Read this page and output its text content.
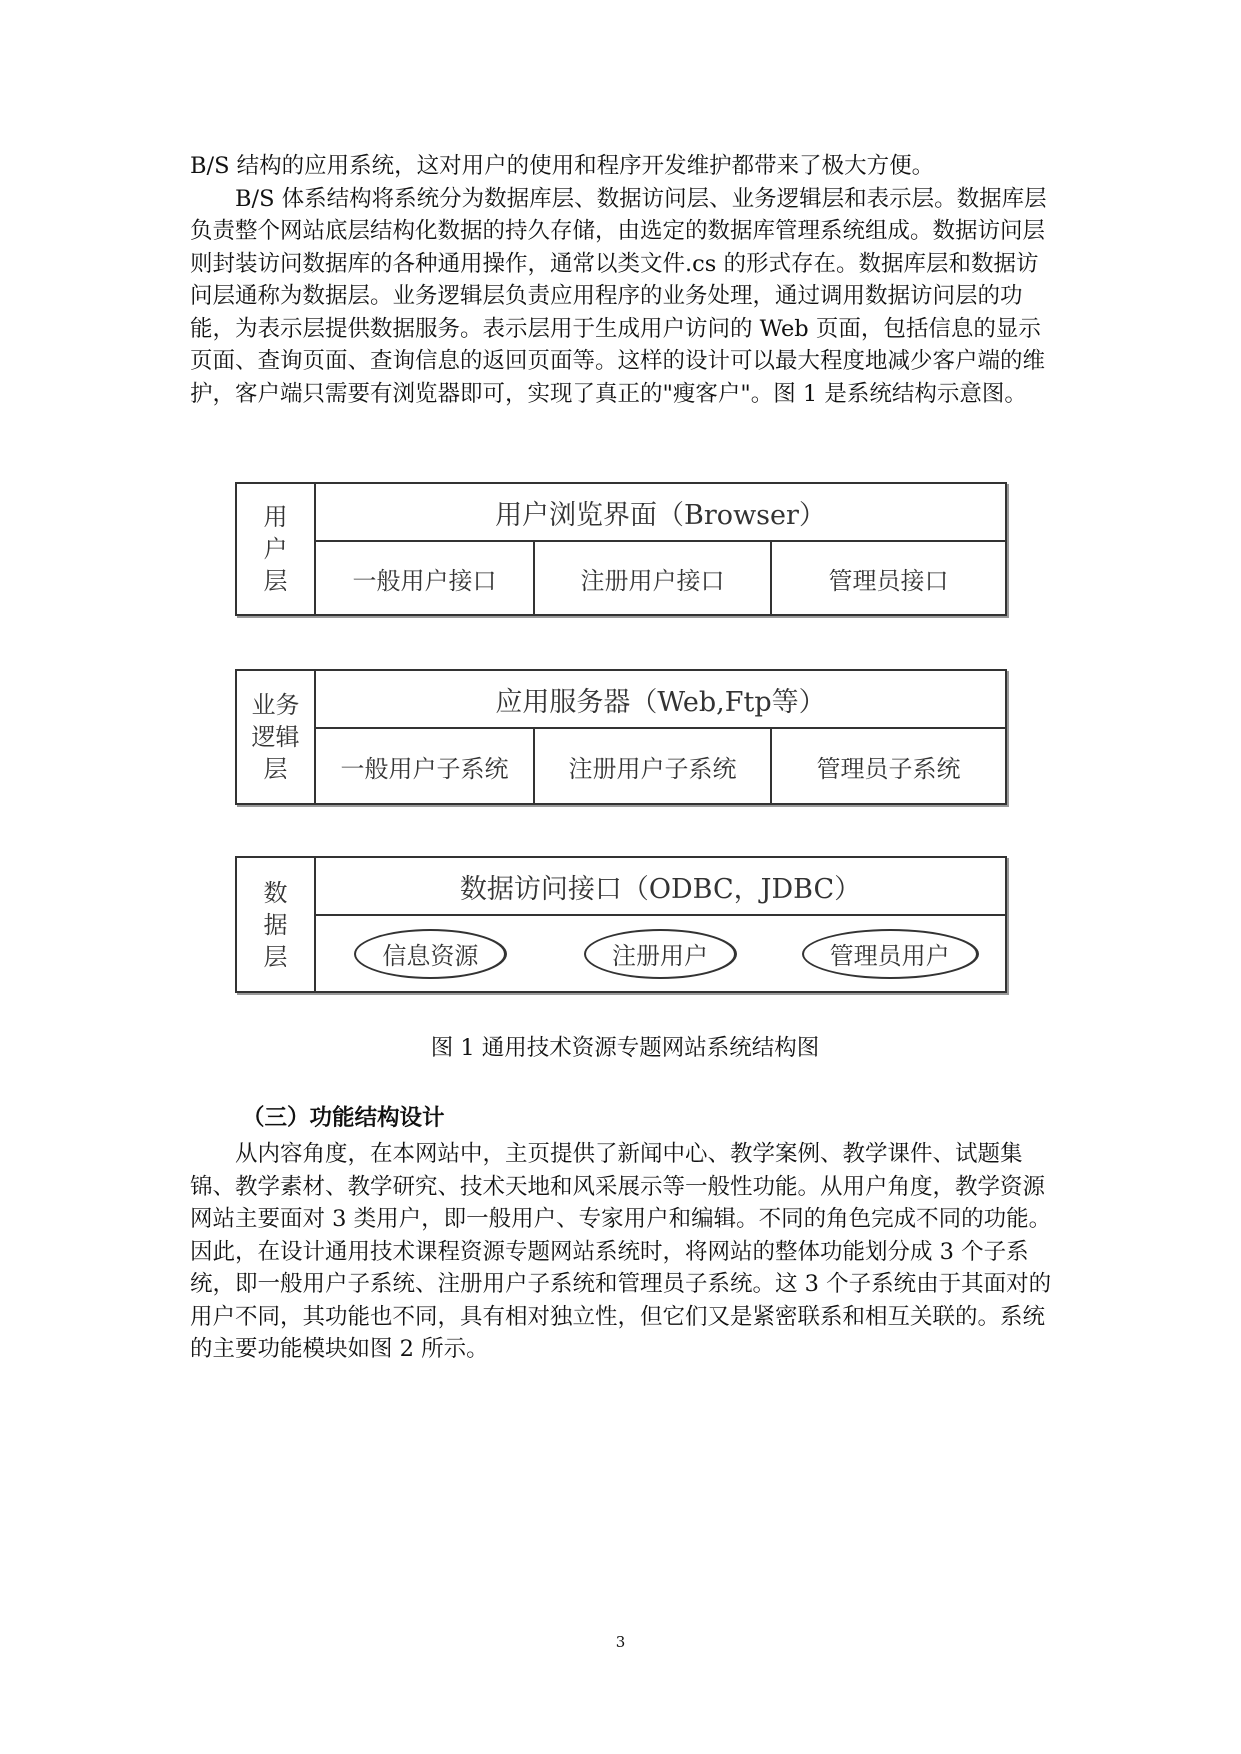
B/S 结构的应用系统，这对用户的使用和程序开发维护都带来了极大方便。

B/S 体系结构将系统分为数据库层、数据访问层、业务逻辑层和表示层。数据库层负责整个网站底层结构化数据的持久存储，由选定的数据库管理系统组成。数据访问层则封装访问数据库的各种通用操作，通常以类文件.cs 的形式存在。数据库层和数据访问层通称为数据层。业务逻辑层负责应用程序的业务处理，通过调用数据访问层的功能，为表示层提供数据服务。表示层用于生成用户访问的 Web 页面，包括信息的显示页面、查询页面、查询信息的返回页面等。这样的设计可以最大程度地减少客户端的维护，客户端只需要有浏览器即可，实现了真正的"瘦客户"。图 1 是系统结构示意图。

用
户
层
用户浏览界面（Browser）
一般用户接口	注册用户接口	管理员接口
业务
逻辑
层
应用服务器（Web,Ftp等）
一般用户子系统	注册用户子系统	管理员子系统
数
据
层
数据访问接口（ODBC，JDBC）
信息资源	注册用户	管理员用户
图 1 通用技术资源专题网站系统结构图
（三）功能结构设计

从内容角度，在本网站中，主页提供了新闻中心、教学案例、教学课件、试题集锦、教学素材、教学研究、技术天地和风采展示等一般性功能。从用户角度，教学资源网站主要面对 3 类用户，即一般用户、专家用户和编辑。不同的角色完成不同的功能。因此，在设计通用技术课程资源专题网站系统时，将网站的整体功能划分成 3 个子系统，即一般用户子系统、注册用户子系统和管理员子系统。这 3 个子系统由于其面对的用户不同，其功能也不同，具有相对独立性，但它们又是紧密联系和相互关联的。系统的主要功能模块如图 2 所示。

3
